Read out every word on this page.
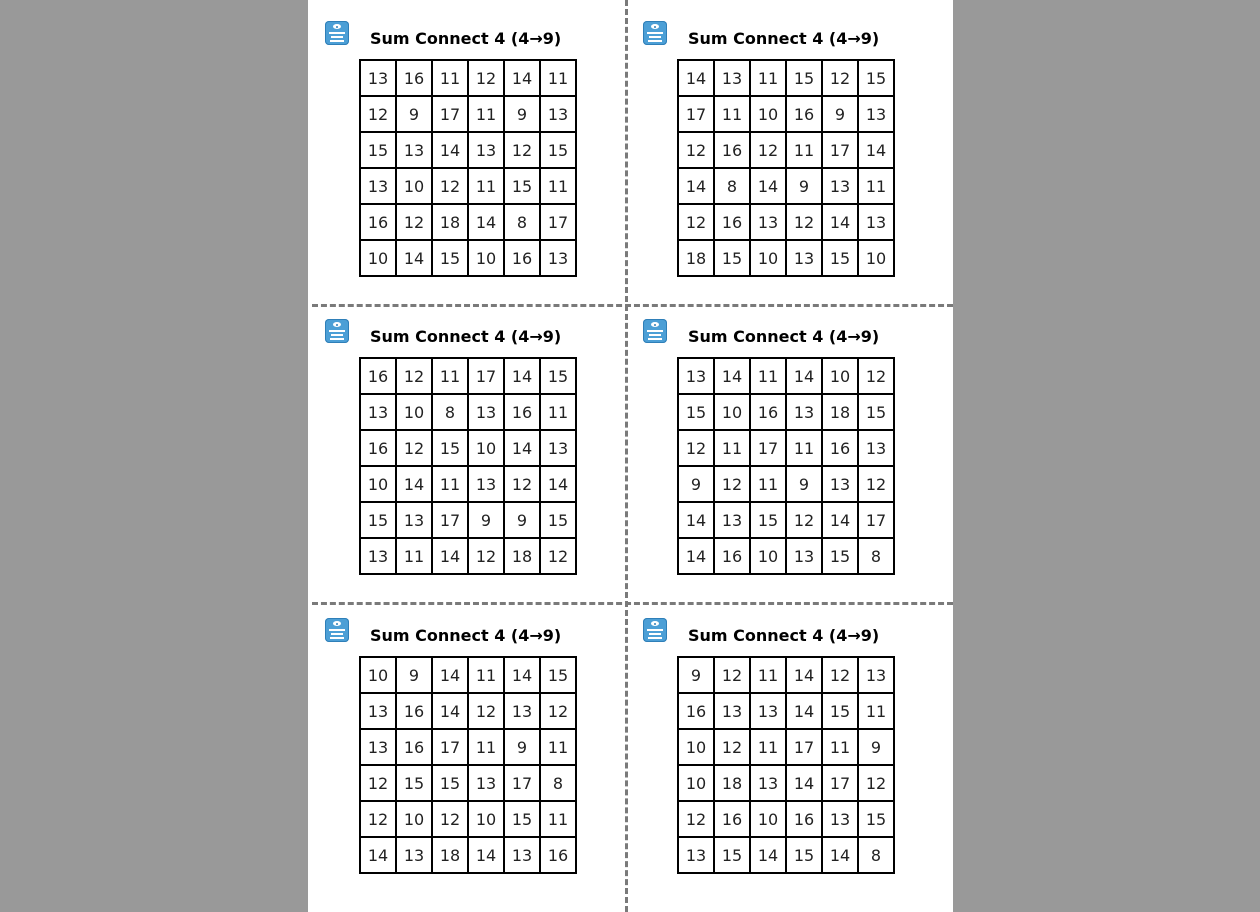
Sum Connect 4 (4→9)
13	16	11	12	14	11
12	9	17	11	9	13
15	13	14	13	12	15
13	10	12	11	15	11
16	12	18	14	8	17
10	14	15	10	16	13
Sum Connect 4 (4→9)
14	13	11	15	12	15
17	11	10	16	9	13
12	16	12	11	17	14
14	8	14	9	13	11
12	16	13	12	14	13
18	15	10	13	15	10
Sum Connect 4 (4→9)
16	12	11	17	14	15
13	10	8	13	16	11
16	12	15	10	14	13
10	14	11	13	12	14
15	13	17	9	9	15
13	11	14	12	18	12
Sum Connect 4 (4→9)
13	14	11	14	10	12
15	10	16	13	18	15
12	11	17	11	16	13
9	12	11	9	13	12
14	13	15	12	14	17
14	16	10	13	15	8
Sum Connect 4 (4→9)
10	9	14	11	14	15
13	16	14	12	13	12
13	16	17	11	9	11
12	15	15	13	17	8
12	10	12	10	15	11
14	13	18	14	13	16
Sum Connect 4 (4→9)
9	12	11	14	12	13
16	13	13	14	15	11
10	12	11	17	11	9
10	18	13	14	17	12
12	16	10	16	13	15
13	15	14	15	14	8
